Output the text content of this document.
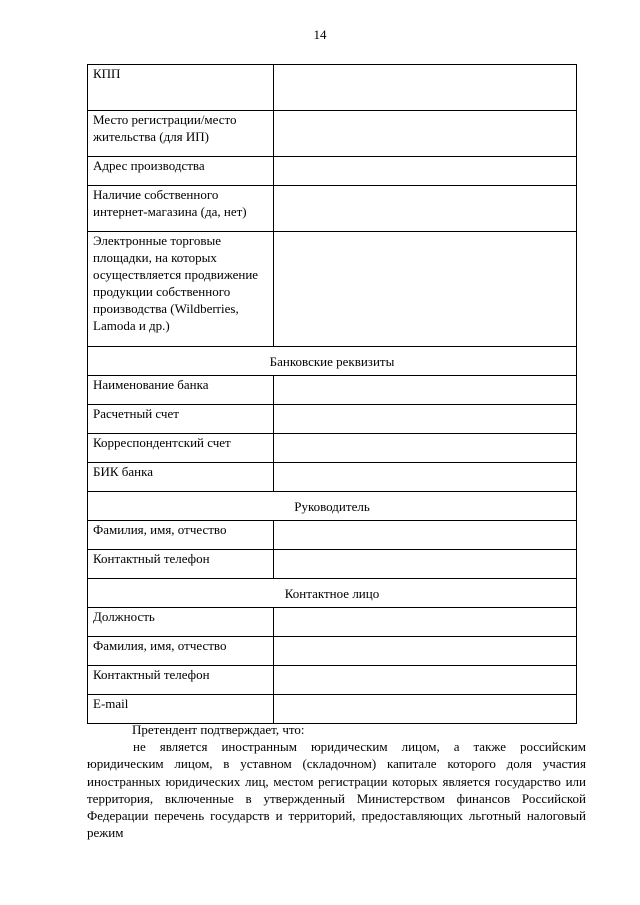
14
КПП	
Место регистрации/место жительства (для ИП)	
Адрес производства	
Наличие собственного интернет-магазина (да, нет)	
Электронные торговые площадки, на которых осуществляется продвижение продукции собственного производства (Wildberries, Lamoda и др.)	
Банковские реквизиты	
Наименование банка	
Расчетный счет	
Корреспондентский счет	
БИК банка	
Руководитель	
Фамилия, имя, отчество	
Контактный телефон	
Контактное лицо	
Должность	
Фамилия, имя, отчество	
Контактный телефон	
E-mail	

Претендент подтверждает, что:

не является иностранным юридическим лицом, а также российским юридическим лицом, в уставном (складочном) капитале которого доля участия иностранных юридических лиц, местом регистрации которых является государство или территория, включенные в утвержденный Министерством финансов Российской Федерации перечень государств и территорий, предоставляющих льготный налоговый режим
